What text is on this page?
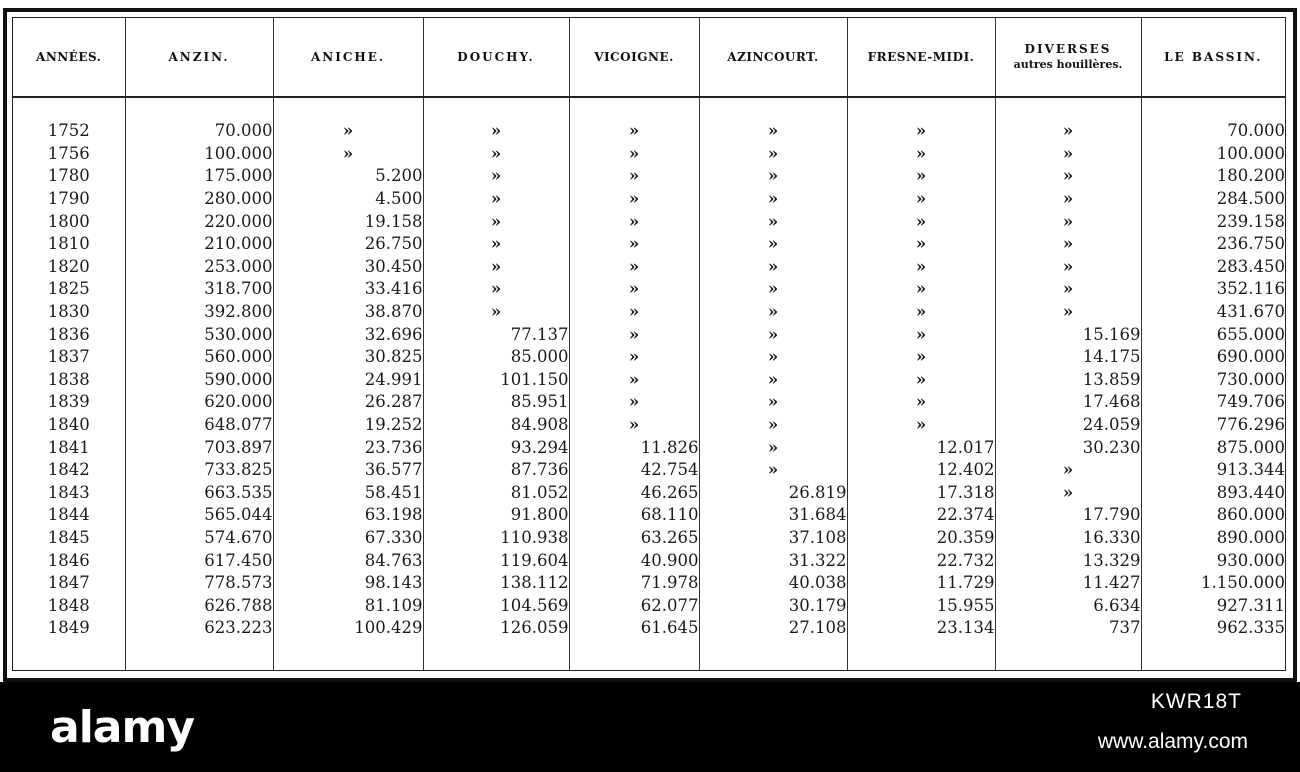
ANNÉES.	ANZIN.	ANICHE.	DOUCHY.	VICOIGNE.	AZINCOURT.	FRESNE-MIDI.	DIVERSES
autres houillères.	LE BASSIN.

1752	70.000	»	»	»	»	»	»	70.000
1756	100.000	»	»	»	»	»	»	100.000
1780	175.000	5.200	»	»	»	»	»	180.200
1790	280.000	4.500	»	»	»	»	»	284.500
1800	220.000	19.158	»	»	»	»	»	239.158
1810	210.000	26.750	»	»	»	»	»	236.750
1820	253.000	30.450	»	»	»	»	»	283.450
1825	318.700	33.416	»	»	»	»	»	352.116
1830	392.800	38.870	»	»	»	»	»	431.670
1836	530.000	32.696	77.137	»	»	»	15.169	655.000
1837	560.000	30.825	85.000	»	»	»	14.175	690.000
1838	590.000	24.991	101.150	»	»	»	13.859	730.000
1839	620.000	26.287	85.951	»	»	»	17.468	749.706
1840	648.077	19.252	84.908	»	»	»	24.059	776.296
1841	703.897	23.736	93.294	11.826	»	12.017	30.230	875.000
1842	733.825	36.577	87.736	42.754	»	12.402	»	913.344
1843	663.535	58.451	81.052	46.265	26.819	17.318	»	893.440
1844	565.044	63.198	91.800	68.110	31.684	22.374	17.790	860.000
1845	574.670	67.330	110.938	63.265	37.108	20.359	16.330	890.000
1846	617.450	84.763	119.604	40.900	31.322	22.732	13.329	930.000
1847	778.573	98.143	138.112	71.978	40.038	11.729	11.427	1.150.000
1848	626.788	81.109	104.569	62.077	30.179	15.955	6.634	927.311
1849	623.223	100.429	126.059	61.645	27.108	23.134	737	962.335

alamy
KWR18T
www.alamy.com
